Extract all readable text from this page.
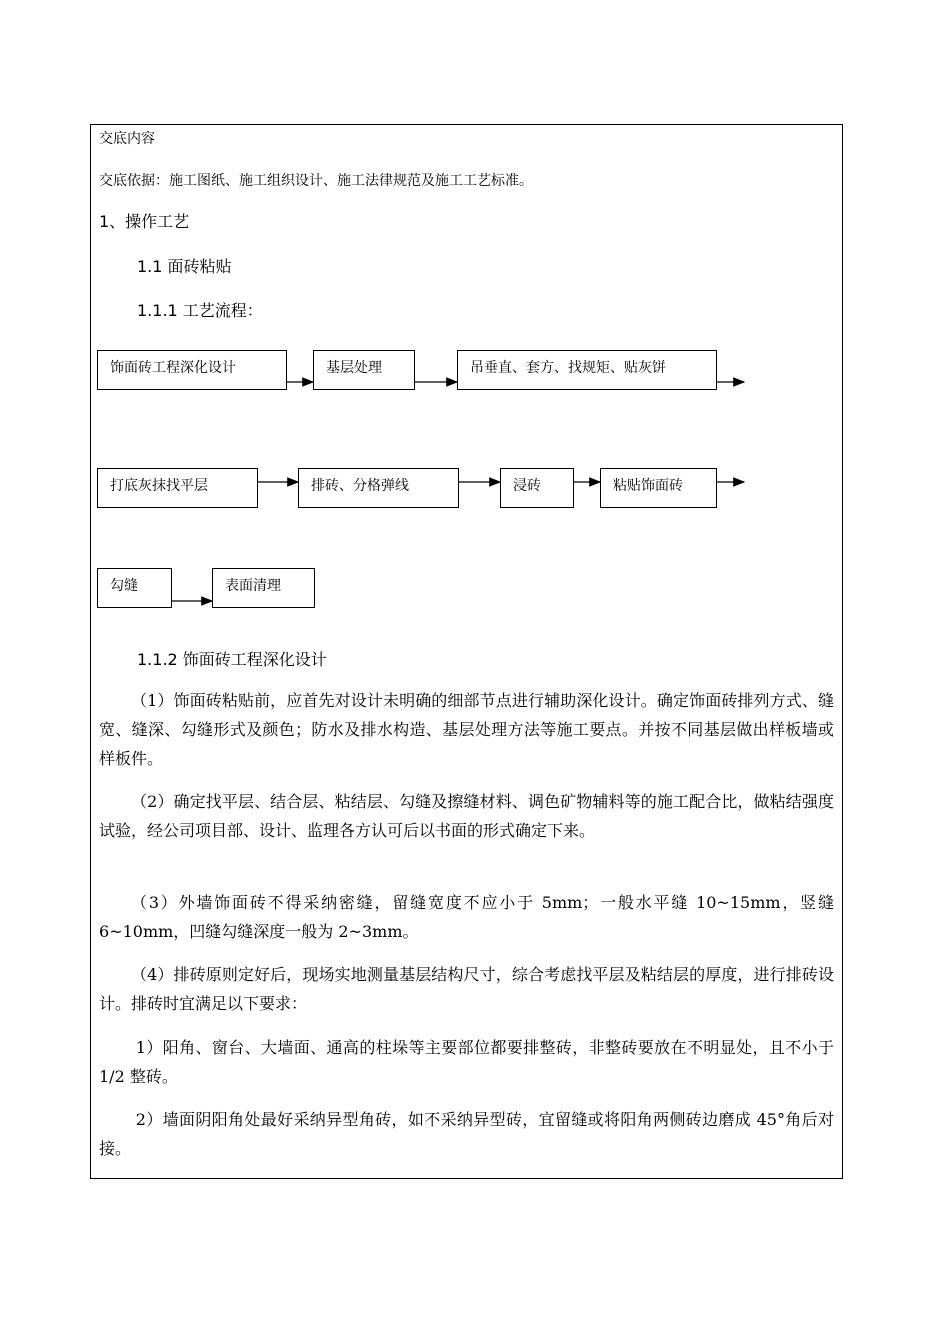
交底内容
交底依据：施工图纸、施工组织设计、施工法律规范及施工工艺标准。
1、操作工艺
1.1 面砖粘贴
1.1.1 工艺流程：
饰面砖工程深化设计	基层处理	吊垂直、套方、找规矩、贴灰饼
打底灰抹找平层	排砖、分格弹线	浸砖	粘贴饰面砖
勾缝	表面清理
1.1.2 饰面砖工程深化设计
（1）饰面砖粘贴前，应首先对设计未明确的细部节点进行辅助深化设计。确定饰面砖排列方式、缝宽、缝深、勾缝形式及颜色；防水及排水构造、基层处理方法等施工要点。并按不同基层做出样板墙或样板件。
（2）确定找平层、结合层、粘结层、勾缝及擦缝材料、调色矿物辅料等的施工配合比，做粘结强度试验，经公司项目部、设计、监理各方认可后以书面的形式确定下来。
（3）外墙饰面砖不得采纳密缝，留缝宽度不应小于 5mm；一般水平缝 10~15mm，竖缝 6~10mm，凹缝勾缝深度一般为 2~3mm。
（4）排砖原则定好后，现场实地测量基层结构尺寸，综合考虑找平层及粘结层的厚度，进行排砖设计。排砖时宜满足以下要求：
1）阳角、窗台、大墙面、通高的柱垛等主要部位都要排整砖，非整砖要放在不明显处，且不小于 1/2 整砖。
2）墙面阴阳角处最好采纳异型角砖，如不采纳异型砖，宜留缝或将阳角两侧砖边磨成 45°角后对接。
